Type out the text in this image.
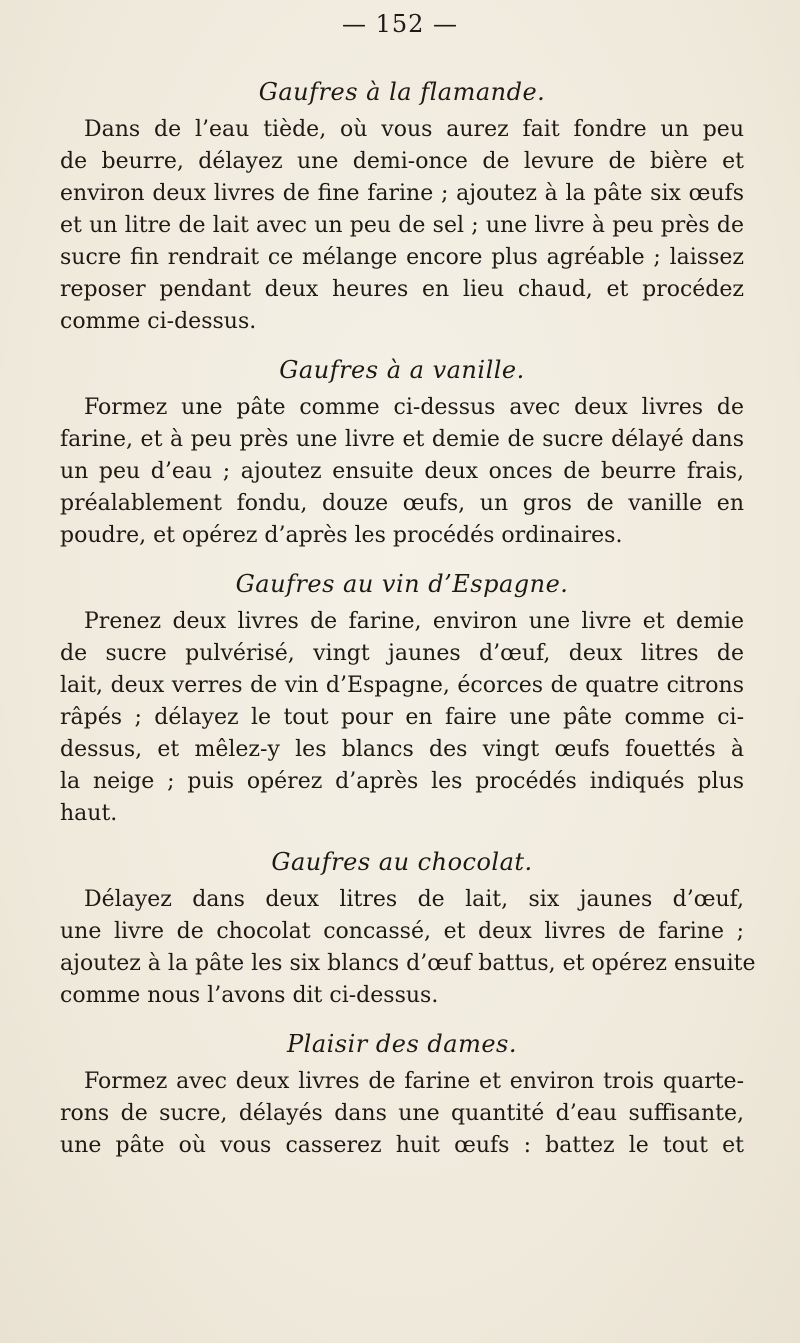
— 152 —
Gaufres à la flamande.
Dans de l’eau tiède, où vous aurez fait fondre un peu
de beurre, délayez une demi-once de levure de bière et
environ deux livres de fine farine ; ajoutez à la pâte six œufs
et un litre de lait avec un peu de sel ; une livre à peu près de
sucre fin rendrait ce mélange encore plus agréable ; laissez
reposer pendant deux heures en lieu chaud, et procédez
comme ci-dessus.
Gaufres à a vanille.
Formez une pâte comme ci-dessus avec deux livres de
farine, et à peu près une livre et demie de sucre délayé dans
un peu d’eau ; ajoutez ensuite deux onces de beurre frais,
préalablement fondu, douze œufs, un gros de vanille en
poudre, et opérez d’après les procédés ordinaires.
Gaufres au vin d’Espagne.
Prenez deux livres de farine, environ une livre et demie
de sucre pulvérisé, vingt jaunes d’œuf, deux litres de
lait, deux verres de vin d’Espagne, écorces de quatre citrons
râpés ; délayez le tout pour en faire une pâte comme ci-
dessus, et mêlez-y les blancs des vingt œufs fouettés à
la neige ; puis opérez d’après les procédés indiqués plus
haut.
Gaufres au chocolat.
Délayez dans deux litres de lait, six jaunes d’œuf,
une livre de chocolat concassé, et deux livres de farine ;
ajoutez à la pâte les six blancs d’œuf battus, et opérez ensuite
comme nous l’avons dit ci-dessus.
Plaisir des dames.
Formez avec deux livres de farine et environ trois quarte-
rons de sucre, délayés dans une quantité d’eau suffisante,
une pâte où vous casserez huit œufs : battez le tout et
